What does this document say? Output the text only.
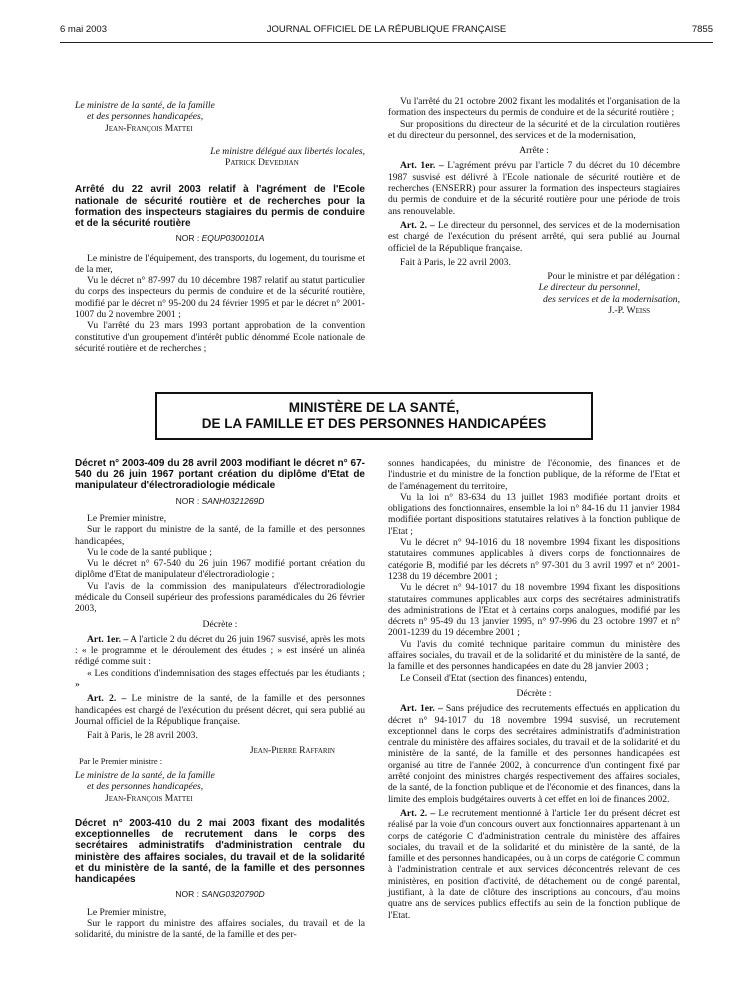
6 mai 2003	JOURNAL OFFICIEL DE LA RÉPUBLIQUE FRANÇAISE	7855

Le ministre de la santé, de la famille

et des personnes handicapées,

Jean-François Mattei

Le ministre délégué aux libertés locales,

Patrick Devedjian

Arrêté du 22 avril 2003 relatif à l'agrément de l'Ecole nationale de sécurité routière et de recherches pour la formation des inspecteurs stagiaires du permis de conduire et de la sécurité routière

NOR : EQUP0300101A

Le ministre de l'équipement, des transports, du logement, du tourisme et de la mer,

Vu le décret n° 87-997 du 10 décembre 1987 relatif au statut particulier du corps des inspecteurs du permis de conduire et de la sécurité routière, modifié par le décret n° 95-200 du 24 février 1995 et par le décret n° 2001-1007 du 2 novembre 2001 ;

Vu l'arrêté du 23 mars 1993 portant approbation de la convention constitutive d'un groupement d'intérêt public dénommé Ecole nationale de sécurité routière et de recherches ;

Vu l'arrêté du 21 octobre 2002 fixant les modalités et l'organisation de la formation des inspecteurs du permis de conduire et de la sécurité routière ;

Sur propositions du directeur de la sécurité et de la circulation routières et du directeur du personnel, des services et de la modernisation,

Arrête :

Art. 1er. – L'agrément prévu par l'article 7 du décret du 10 décembre 1987 susvisé est délivré à l'Ecole nationale de sécurité routière et de recherches (ENSERR) pour assurer la formation des inspecteurs stagiaires du permis de conduire et de la sécurité routière pour une période de trois ans renouvelable.

Art. 2. – Le directeur du personnel, des services et de la modernisation est chargé de l'exécution du présent arrêté, qui sera publié au Journal officiel de la République française.

Fait à Paris, le 22 avril 2003.

Pour le ministre et par délégation :

Le directeur du personnel,

des services et de la modernisation,

J.-P. Weiss

MINISTÈRE DE LA SANTÉ,
DE LA FAMILLE ET DES PERSONNES HANDICAPÉES

Décret n° 2003-409 du 28 avril 2003 modifiant le décret n° 67-540 du 26 juin 1967 portant création du diplôme d'Etat de manipulateur d'électroradiologie médicale

NOR : SANH0321269D

Le Premier ministre,

Sur le rapport du ministre de la santé, de la famille et des personnes handicapées,

Vu le code de la santé publique ;

Vu le décret n° 67-540 du 26 juin 1967 modifié portant création du diplôme d'Etat de manipulateur d'électroradiologie ;

Vu l'avis de la commission des manipulateurs d'électroradiologie médicale du Conseil supérieur des professions paramédicales du 26 février 2003,

Décrète :

Art. 1er. – A l'article 2 du décret du 26 juin 1967 susvisé, après les mots : « le programme et le déroulement des études ; » est inséré un alinéa rédigé comme suit :

« Les conditions d'indemnisation des stages effectués par les étudiants ; »

Art. 2. – Le ministre de la santé, de la famille et des personnes handicapées est chargé de l'exécution du présent décret, qui sera publié au Journal officiel de la République française.

Fait à Paris, le 28 avril 2003.

Jean-Pierre Raffarin

Par le Premier ministre :

Le ministre de la santé, de la famille

et des personnes handicapées,

Jean-François Mattei

Décret n° 2003-410 du 2 mai 2003 fixant des modalités exceptionnelles de recrutement dans le corps des secrétaires administratifs d'administration centrale du ministère des affaires sociales, du travail et de la solidarité et du ministère de la santé, de la famille et des personnes handicapées

NOR : SANG0320790D

Le Premier ministre,

Sur le rapport du ministre des affaires sociales, du travail et de la solidarité, du ministre de la santé, de la famille et des per-

sonnes handicapées, du ministre de l'économie, des finances et de l'industrie et du ministre de la fonction publique, de la réforme de l'Etat et de l'aménagement du territoire,

Vu la loi n° 83-634 du 13 juillet 1983 modifiée portant droits et obligations des fonctionnaires, ensemble la loi n° 84-16 du 11 janvier 1984 modifiée portant dispositions statutaires relatives à la fonction publique de l'Etat ;

Vu le décret n° 94-1016 du 18 novembre 1994 fixant les dispositions statutaires communes applicables à divers corps de fonctionnaires de catégorie B, modifié par les décrets n° 97-301 du 3 avril 1997 et n° 2001-1238 du 19 décembre 2001 ;

Vu le décret n° 94-1017 du 18 novembre 1994 fixant les dispositions statutaires communes applicables aux corps des secrétaires administratifs des administrations de l'Etat et à certains corps analogues, modifié par les décrets n° 95-49 du 13 janvier 1995, n° 97-996 du 23 octobre 1997 et n° 2001-1239 du 19 décembre 2001 ;

Vu l'avis du comité technique paritaire commun du ministère des affaires sociales, du travail et de la solidarité et du ministère de la santé, de la famille et des personnes handicapées en date du 28 janvier 2003 ;

Le Conseil d'Etat (section des finances) entendu,

Décrète :

Art. 1er. – Sans préjudice des recrutements effectués en application du décret n° 94-1017 du 18 novembre 1994 susvisé, un recrutement exceptionnel dans le corps des secrétaires administratifs d'administration centrale du ministère des affaires sociales, du travail et de la solidarité et du ministère de la santé, de la famille et des personnes handicapées est organisé au titre de l'année 2002, à concurrence d'un contingent fixé par arrêté conjoint des ministres chargés respectivement des affaires sociales, de la santé, de la fonction publique et de l'économie et des finances, dans la limite des emplois budgétaires ouverts à cet effet en loi de finances 2002.

Art. 2. – Le recrutement mentionné à l'article 1er du présent décret est réalisé par la voie d'un concours ouvert aux fonctionnaires appartenant à un corps de catégorie C d'administration centrale du ministère des affaires sociales, du travail et de la solidarité et du ministère de la santé, de la famille et des personnes handicapées, ou à un corps de catégorie C commun à l'administration centrale et aux services déconcentrés relevant de ces ministères, en position d'activité, de détachement ou de congé parental, justifiant, à la date de clôture des inscriptions au concours, d'au moins quatre ans de services publics effectifs au sein de la fonction publique de l'Etat.
